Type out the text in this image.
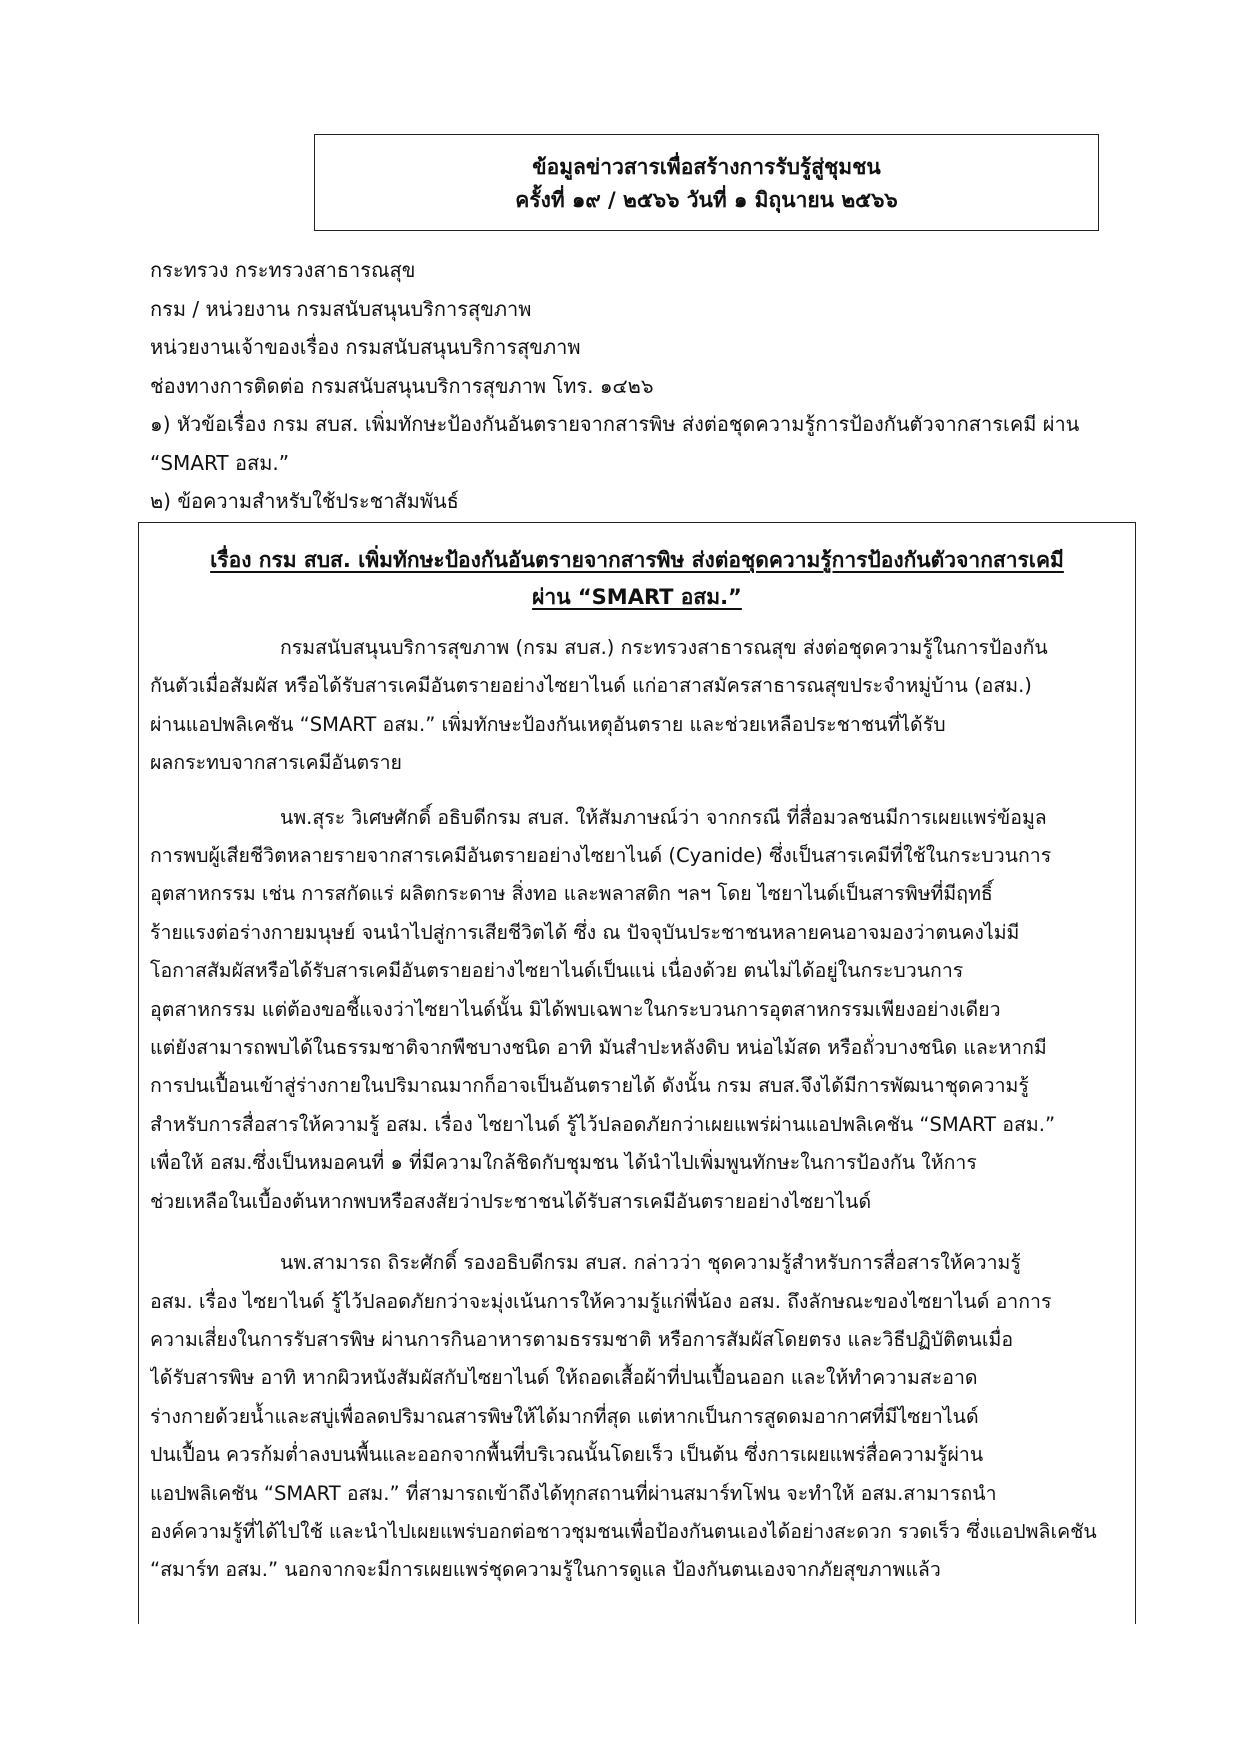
ข้อมูลข่าวสารเพื่อสร้างการรับรู้สู่ชุมชน
ครั้งที่ ๑๙ / ๒๕๖๖ วันที่ ๑ มิถุนายน ๒๕๖๖
กระทรวง กระทรวงสาธารณสุข
กรม / หน่วยงาน กรมสนับสนุนบริการสุขภาพ
หน่วยงานเจ้าของเรื่อง กรมสนับสนุนบริการสุขภาพ
ช่องทางการติดต่อ กรมสนับสนุนบริการสุขภาพ โทร. ๑๔๒๖
๑) หัวข้อเรื่อง กรม สบส. เพิ่มทักษะป้องกันอันตรายจากสารพิษ ส่งต่อชุดความรู้การป้องกันตัวจากสารเคมี ผ่าน
“SMART อสม.”
๒) ข้อความสำหรับใช้ประชาสัมพันธ์
เรื่อง กรม สบส. เพิ่มทักษะป้องกันอันตรายจากสารพิษ ส่งต่อชุดความรู้การป้องกันตัวจากสารเคมี
ผ่าน “SMART อสม.”
กรมสนับสนุนบริการสุขภาพ (กรม สบส.) กระทรวงสาธารณสุข ส่งต่อชุดความรู้ในการป้องกัน
กันตัวเมื่อสัมผัส หรือได้รับสารเคมีอันตรายอย่างไซยาไนด์ แก่อาสาสมัครสาธารณสุขประจำหมู่บ้าน (อสม.)
ผ่านแอปพลิเคชัน “SMART อสม.” เพิ่มทักษะป้องกันเหตุอันตราย และช่วยเหลือประชาชนที่ได้รับ
ผลกระทบจากสารเคมีอันตราย
นพ.สุระ วิเศษศักดิ์ อธิบดีกรม สบส. ให้สัมภาษณ์ว่า จากกรณี ที่สื่อมวลชนมีการเผยแพร่ข้อมูล
การพบผู้เสียชีวิตหลายรายจากสารเคมีอันตรายอย่างไซยาไนด์ (Cyanide) ซึ่งเป็นสารเคมีที่ใช้ในกระบวนการ
อุตสาหกรรม เช่น การสกัดแร่ ผลิตกระดาษ สิ่งทอ และพลาสติก ฯลฯ โดย ไซยาไนด์เป็นสารพิษที่มีฤทธิ์
ร้ายแรงต่อร่างกายมนุษย์ จนนำไปสู่การเสียชีวิตได้ ซึ่ง ณ ปัจจุบันประชาชนหลายคนอาจมองว่าตนคงไม่มี
โอกาสสัมผัสหรือได้รับสารเคมีอันตรายอย่างไซยาไนด์เป็นแน่ เนื่องด้วย ตนไม่ได้อยู่ในกระบวนการ
อุตสาหกรรม แต่ต้องขอชี้แจงว่าไซยาไนด์นั้น มิได้พบเฉพาะในกระบวนการอุตสาหกรรมเพียงอย่างเดียว
แต่ยังสามารถพบได้ในธรรมชาติจากพืชบางชนิด อาทิ มันสำปะหลังดิบ หน่อไม้สด หรือถั่วบางชนิด และหากมี
การปนเปื้อนเข้าสู่ร่างกายในปริมาณมากก็อาจเป็นอันตรายได้ ดังนั้น กรม สบส.จึงได้มีการพัฒนาชุดความรู้
สำหรับการสื่อสารให้ความรู้ อสม. เรื่อง ไซยาไนด์ รู้ไว้ปลอดภัยกว่าเผยแพร่ผ่านแอปพลิเคชัน “SMART อสม.”
เพื่อให้ อสม.ซึ่งเป็นหมอคนที่ ๑ ที่มีความใกล้ชิดกับชุมชน ได้นำไปเพิ่มพูนทักษะในการป้องกัน ให้การ
ช่วยเหลือในเบื้องต้นหากพบหรือสงสัยว่าประชาชนได้รับสารเคมีอันตรายอย่างไซยาไนด์
นพ.สามารถ ถิระศักดิ์ รองอธิบดีกรม สบส. กล่าวว่า ชุดความรู้สำหรับการสื่อสารให้ความรู้
อสม. เรื่อง ไซยาไนด์ รู้ไว้ปลอดภัยกว่าจะมุ่งเน้นการให้ความรู้แก่พี่น้อง อสม. ถึงลักษณะของไซยาไนด์ อาการ
ความเสี่ยงในการรับสารพิษ ผ่านการกินอาหารตามธรรมชาติ หรือการสัมผัสโดยตรง และวิธีปฏิบัติตนเมื่อ
ได้รับสารพิษ อาทิ หากผิวหนังสัมผัสกับไซยาไนด์ ให้ถอดเสื้อผ้าที่ปนเปื้อนออก และให้ทำความสะอาด
ร่างกายด้วยน้ำและสบู่เพื่อลดปริมาณสารพิษให้ได้มากที่สุด แต่หากเป็นการสูดดมอากาศที่มีไซยาไนด์
ปนเปื้อน ควรก้มต่ำลงบนพื้นและออกจากพื้นที่บริเวณนั้นโดยเร็ว เป็นต้น ซึ่งการเผยแพร่สื่อความรู้ผ่าน
แอปพลิเคชัน “SMART อสม.” ที่สามารถเข้าถึงได้ทุกสถานที่ผ่านสมาร์ทโฟน จะทำให้ อสม.สามารถนำ
องค์ความรู้ที่ได้ไปใช้ และนำไปเผยแพร่บอกต่อชาวชุมชนเพื่อป้องกันตนเองได้อย่างสะดวก รวดเร็ว ซึ่งแอปพลิเคชัน
“สมาร์ท อสม.” นอกจากจะมีการเผยแพร่ชุดความรู้ในการดูแล ป้องกันตนเองจากภัยสุขภาพแล้ว
